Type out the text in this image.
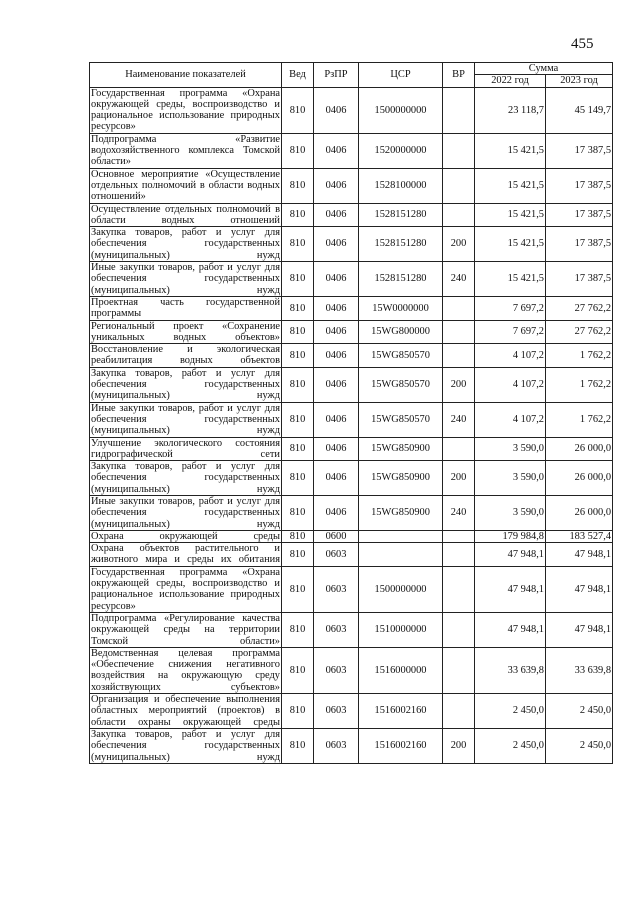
455
Наименование показателей	Вед	РзПР	ЦСР	ВР	Сумма	
					2022 год	2023 год
Государственная программа «Охрана окружающей среды, воспроизводство и рациональное использование природных ресурсов»	810	0406	1500000000		23 118,7	45 149,7
Подпрограмма «Развитие водохозяйственного комплекса Томской области»	810	0406	1520000000		15 421,5	17 387,5
Основное мероприятие «Осуществление отдельных полномочий в области водных отношений»	810	0406	1528100000		15 421,5	17 387,5
Осуществление отдельных полномочий в области водных отношений	810	0406	1528151280		15 421,5	17 387,5
Закупка товаров, работ и услуг для обеспечения государственных (муниципальных) нужд	810	0406	1528151280	200	15 421,5	17 387,5
Иные закупки товаров, работ и услуг для обеспечения государственных (муниципальных) нужд	810	0406	1528151280	240	15 421,5	17 387,5
Проектная часть государственной программы	810	0406	15W0000000		7 697,2	27 762,2
Региональный проект «Сохранение уникальных водных объектов»	810	0406	15WG800000		7 697,2	27 762,2
Восстановление и экологическая реабилитация водных объектов	810	0406	15WG850570		4 107,2	1 762,2
Закупка товаров, работ и услуг для обеспечения государственных (муниципальных) нужд	810	0406	15WG850570	200	4 107,2	1 762,2
Иные закупки товаров, работ и услуг для обеспечения государственных (муниципальных) нужд	810	0406	15WG850570	240	4 107,2	1 762,2
Улучшение экологического состояния гидрографической сети	810	0406	15WG850900		3 590,0	26 000,0
Закупка товаров, работ и услуг для обеспечения государственных (муниципальных) нужд	810	0406	15WG850900	200	3 590,0	26 000,0
Иные закупки товаров, работ и услуг для обеспечения государственных (муниципальных) нужд	810	0406	15WG850900	240	3 590,0	26 000,0
Охрана окружающей среды	810	0600			179 984,8	183 527,4
Охрана объектов растительного и животного мира и среды их обитания	810	0603			47 948,1	47 948,1
Государственная программа «Охрана окружающей среды, воспроизводство и рациональное использование природных ресурсов»	810	0603	1500000000		47 948,1	47 948,1
Подпрограмма «Регулирование качества окружающей среды на территории Томской области»	810	0603	1510000000		47 948,1	47 948,1
Ведомственная целевая программа «Обеспечение снижения негативного воздействия на окружающую среду хозяйствующих субъектов»	810	0603	1516000000		33 639,8	33 639,8
Организация и обеспечение выполнения областных мероприятий (проектов) в области охраны окружающей среды	810	0603	1516002160		2 450,0	2 450,0
Закупка товаров, работ и услуг для обеспечения государственных (муниципальных) нужд	810	0603	1516002160	200	2 450,0	2 450,0
